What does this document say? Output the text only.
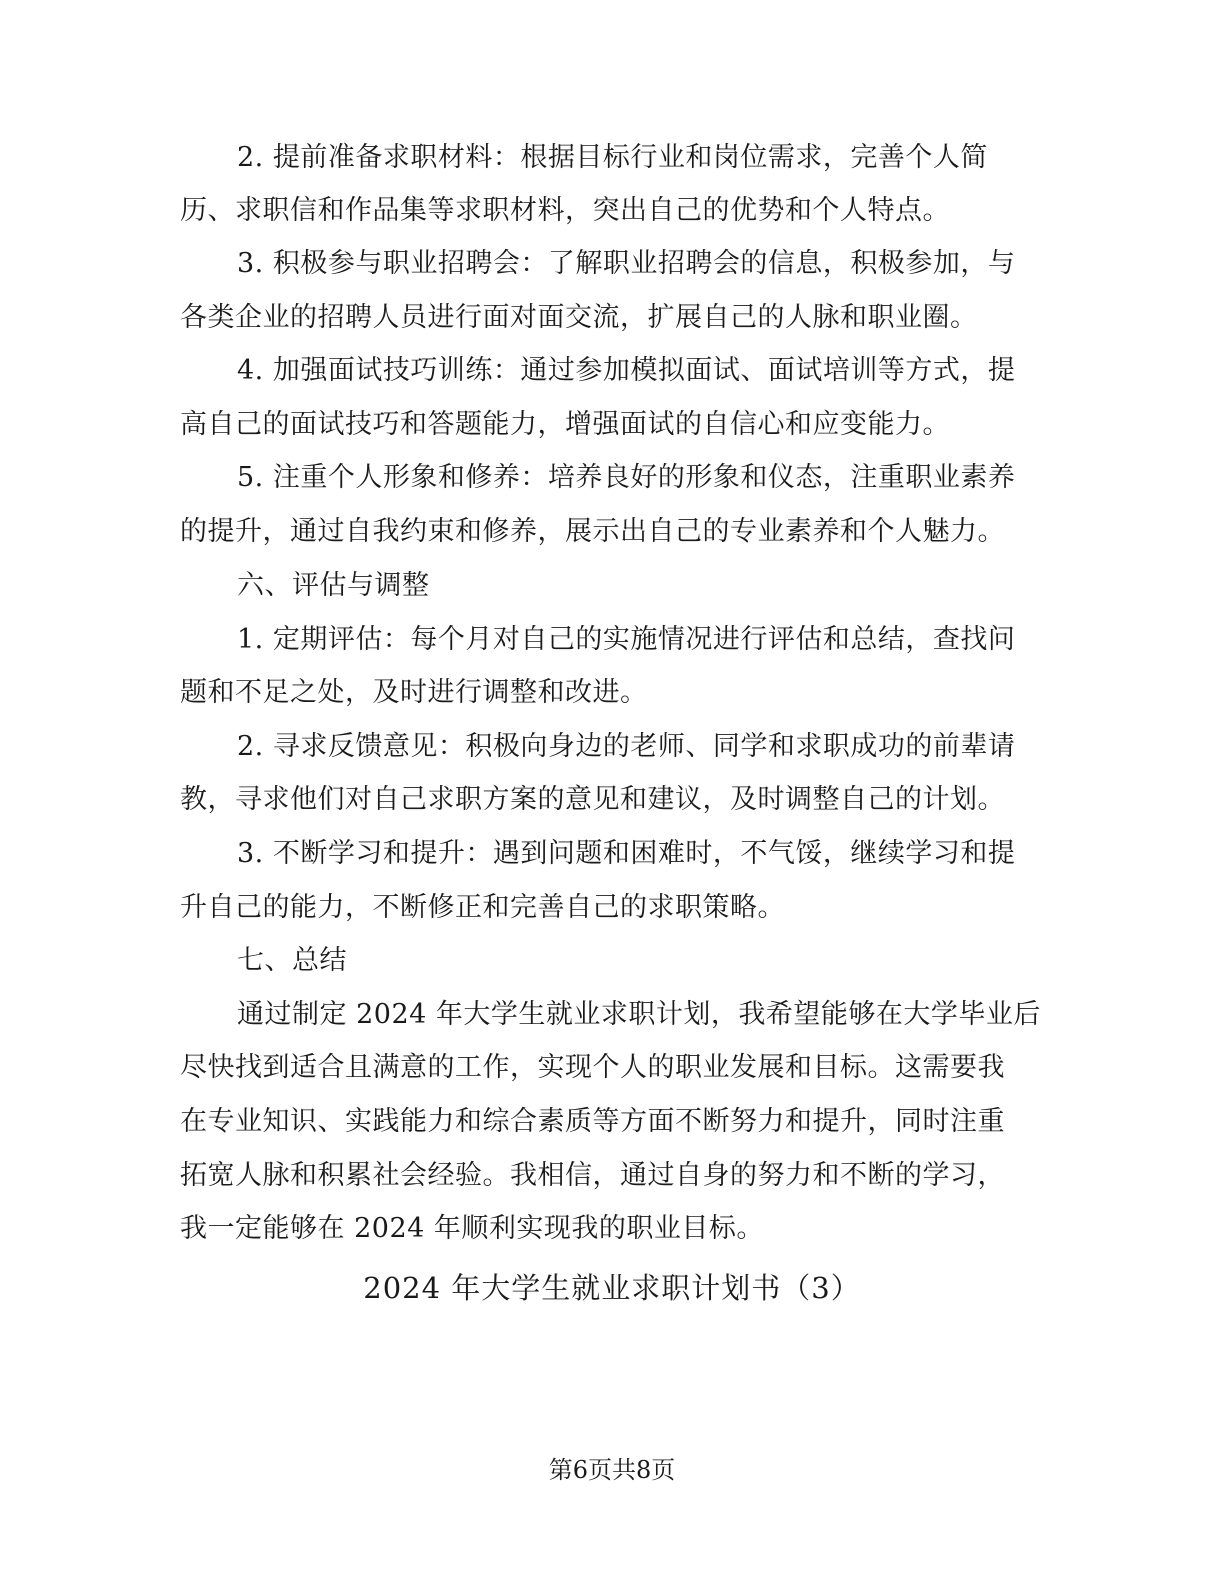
2. 提前准备求职材料：根据目标行业和岗位需求，完善个人简
历、求职信和作品集等求职材料，突出自己的优势和个人特点。
3. 积极参与职业招聘会：了解职业招聘会的信息，积极参加，与
各类企业的招聘人员进行面对面交流，扩展自己的人脉和职业圈。
4. 加强面试技巧训练：通过参加模拟面试、面试培训等方式，提
高自己的面试技巧和答题能力，增强面试的自信心和应变能力。
5. 注重个人形象和修养：培养良好的形象和仪态，注重职业素养
的提升，通过自我约束和修养，展示出自己的专业素养和个人魅力。
六、评估与调整
1. 定期评估：每个月对自己的实施情况进行评估和总结，查找问
题和不足之处，及时进行调整和改进。
2. 寻求反馈意见：积极向身边的老师、同学和求职成功的前辈请
教，寻求他们对自己求职方案的意见和建议，及时调整自己的计划。
3. 不断学习和提升：遇到问题和困难时，不气馁，继续学习和提
升自己的能力，不断修正和完善自己的求职策略。
七、总结
通过制定 2024 年大学生就业求职计划，我希望能够在大学毕业后
尽快找到适合且满意的工作，实现个人的职业发展和目标。这需要我
在专业知识、实践能力和综合素质等方面不断努力和提升，同时注重
拓宽人脉和积累社会经验。我相信，通过自身的努力和不断的学习，
我一定能够在 2024 年顺利实现我的职业目标。
2024 年大学生就业求职计划书（3）
第6页共8页
